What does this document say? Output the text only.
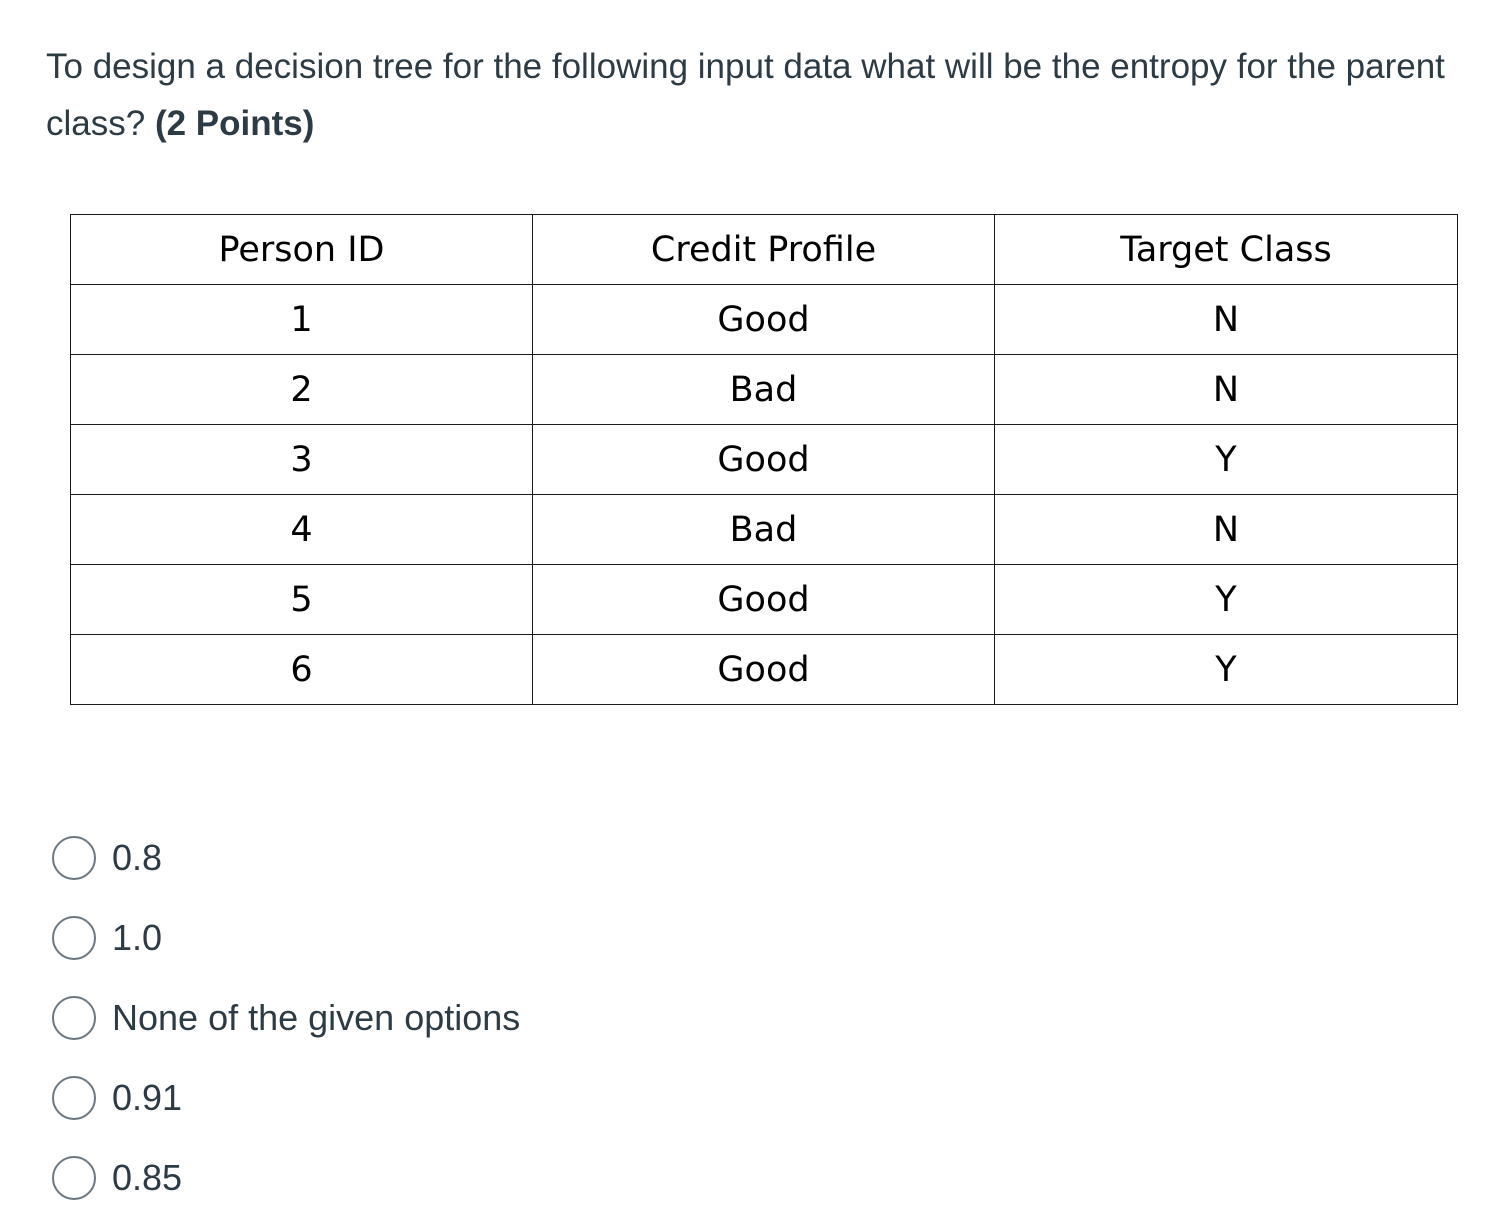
To design a decision tree for the following input data what will be the entropy for the parent class? (2 Points)

Person ID	Credit Profile	Target Class
1	Good	N
2	Bad	N
3	Good	Y
4	Bad	N
5	Good	Y
6	Good	Y
0.8
1.0
None of the given options
0.91
0.85
